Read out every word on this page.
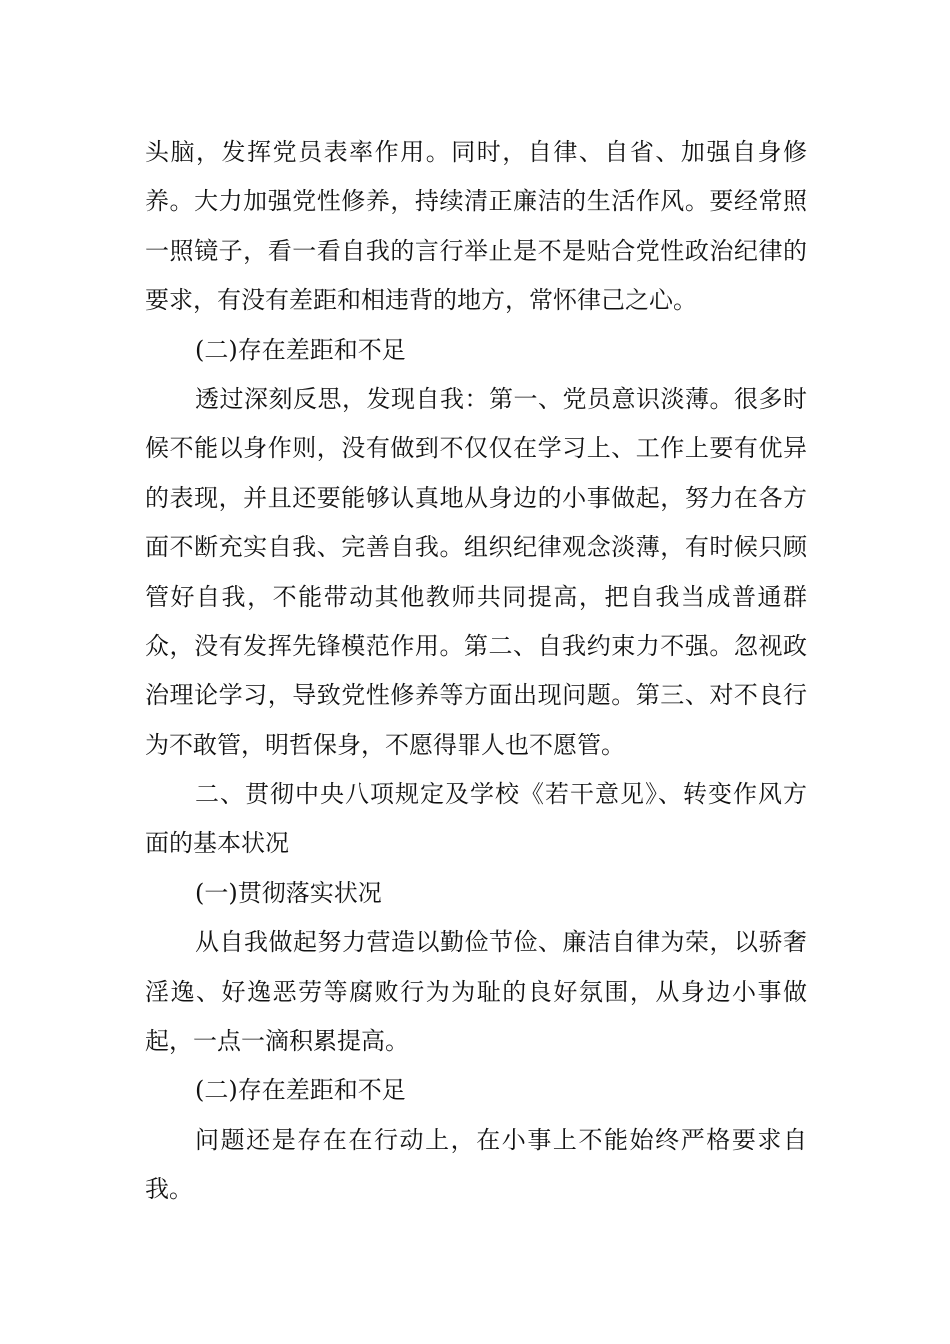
头脑，发挥党员表率作用。同时，自律、自省、加强自身修
养。大力加强党性修养，持续清正廉洁的生活作风。要经常照
一照镜子，看一看自我的言行举止是不是贴合党性政治纪律的
要求，有没有差距和相违背的地方，常怀律己之心。
(二)存在差距和不足
透过深刻反思，发现自我：第一、党员意识淡薄。很多时
候不能以身作则，没有做到不仅仅在学习上、工作上要有优异
的表现，并且还要能够认真地从身边的小事做起，努力在各方
面不断充实自我、完善自我。组织纪律观念淡薄，有时候只顾
管好自我，不能带动其他教师共同提高，把自我当成普通群
众，没有发挥先锋模范作用。第二、自我约束力不强。忽视政
治理论学习，导致党性修养等方面出现问题。第三、对不良行
为不敢管，明哲保身，不愿得罪人也不愿管。
二、贯彻中央八项规定及学校《若干意见》、转变作风方
面的基本状况
(一)贯彻落实状况
从自我做起努力营造以勤俭节俭、廉洁自律为荣，以骄奢
淫逸、好逸恶劳等腐败行为为耻的良好氛围，从身边小事做
起，一点一滴积累提高。
(二)存在差距和不足
问题还是存在在行动上，在小事上不能始终严格要求自
我。
